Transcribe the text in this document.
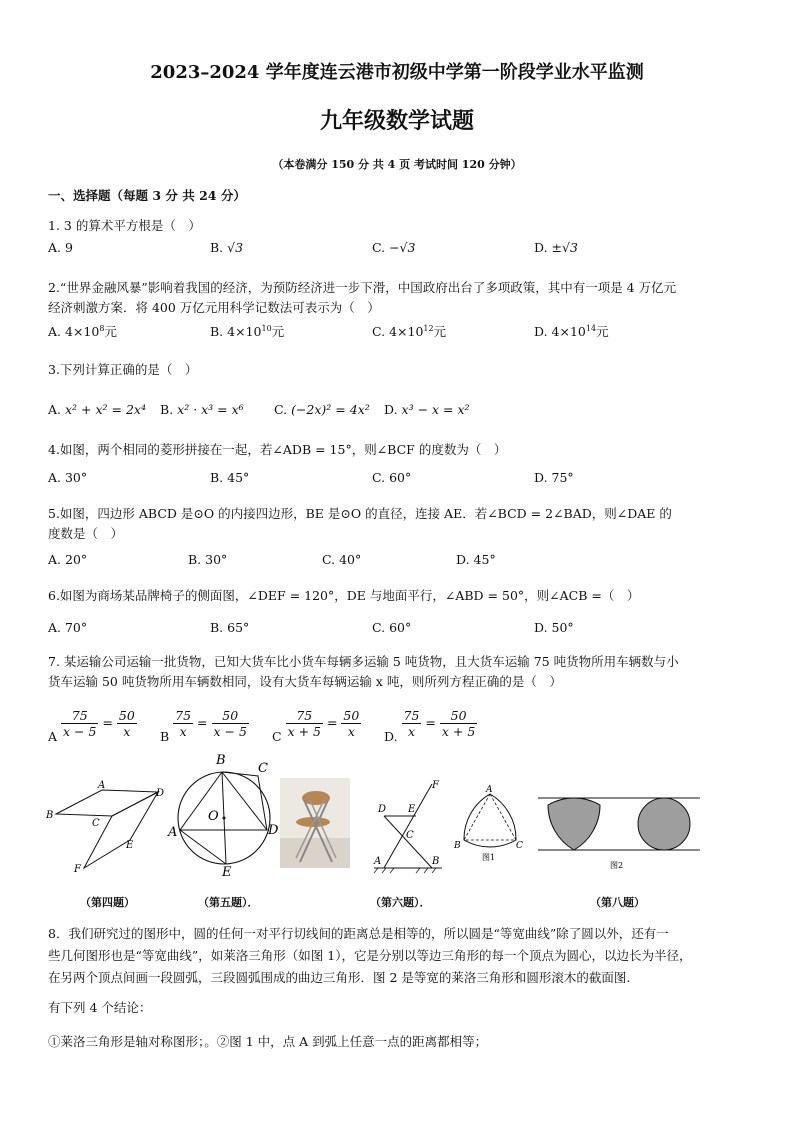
2023–2024 学年度连云港市初级中学第一阶段学业水平监测
九年级数学试题
（本卷满分 150 分 共 4 页 考试时间 120 分钟）
一、选择题（每题 3 分 共 24 分）
1. 3 的算术平方根是（　）
A. 9	B. √3	C. −√3	D. ±√3
2.“世界金融风暴”影响着我国的经济，为预防经济进一步下滑，中国政府出台了多项政策，其中有一项是 4 万亿元
经济刺激方案．将 400 万亿元用科学记数法可表示为（　）
A. $4\times 10^8$元	B. $4\times 10^{10}$元	C. $4\times 10^{12}$元	D. $4\times 10^{14}$元
3.下列计算正确的是（　）
A. x² + x² = 2x⁴ B. x² · x³ = x⁶ C. (−2x)² = 4x² D. x³ − x = x²
4.如图，两个相同的菱形拼接在一起，若∠ADB = 15°，则∠BCF 的度数为（　）
A. 30°	B. 45°	C. 60°	D. 75°
5.如图，四边形 ABCD 是⊙O 的内接四边形，BE 是⊙O 的直径，连接 AE．若∠BCD = 2∠BAD，则∠DAE 的
度数是（　）
A. 20°	B. 30°	C. 40°	D. 45°
6.如图为商场某品牌椅子的侧面图，∠DEF = 120°，DE 与地面平行，∠ABD = 50°，则∠ACB =（　）
A. 70°	B. 65°	C. 60°	D. 50°
7. 某运输公司运输一批货物，已知大货车比小货车每辆多运输 5 吨货物，且大货车运输 75 吨货物所用车辆数与小
货车运输 50 吨货物所用车辆数相同，设有大货车每辆运输 x 吨，则所列方程正确的是（　）
A $\frac{75}{x - 5} = \frac{50}{x}$ B $\frac{75}{x} = \frac{50}{x - 5}$ C $\frac{75}{x + 5} = \frac{50}{x} D$. $\frac{75}{x} = \frac{50}{x + 5}$
B
A
D
C
E
F
（第四题）
B
C
A	D
O
E
（第五题）．
D E
F
C
A	B
（第六题）．
A
B	C
图1
图2
（第八题）
8．我们研究过的图形中，圆的任何一对平行切线间的距离总是相等的，所以圆是“等宽曲线”除了圆以外，还有一
些几何图形也是“等宽曲线”，如莱洛三角形（如图 1），它是分别以等边三角形的每一个顶点为圆心，以边长为半径，
在另两个顶点间画一段圆弧，三段圆弧围成的曲边三角形．图 2 是等宽的莱洛三角形和圆形滚木的截面图.
有下列 4 个结论：
①莱洛三角形是轴对称图形；。②图 1 中，点 A 到弧上任意一点的距离都相等；
